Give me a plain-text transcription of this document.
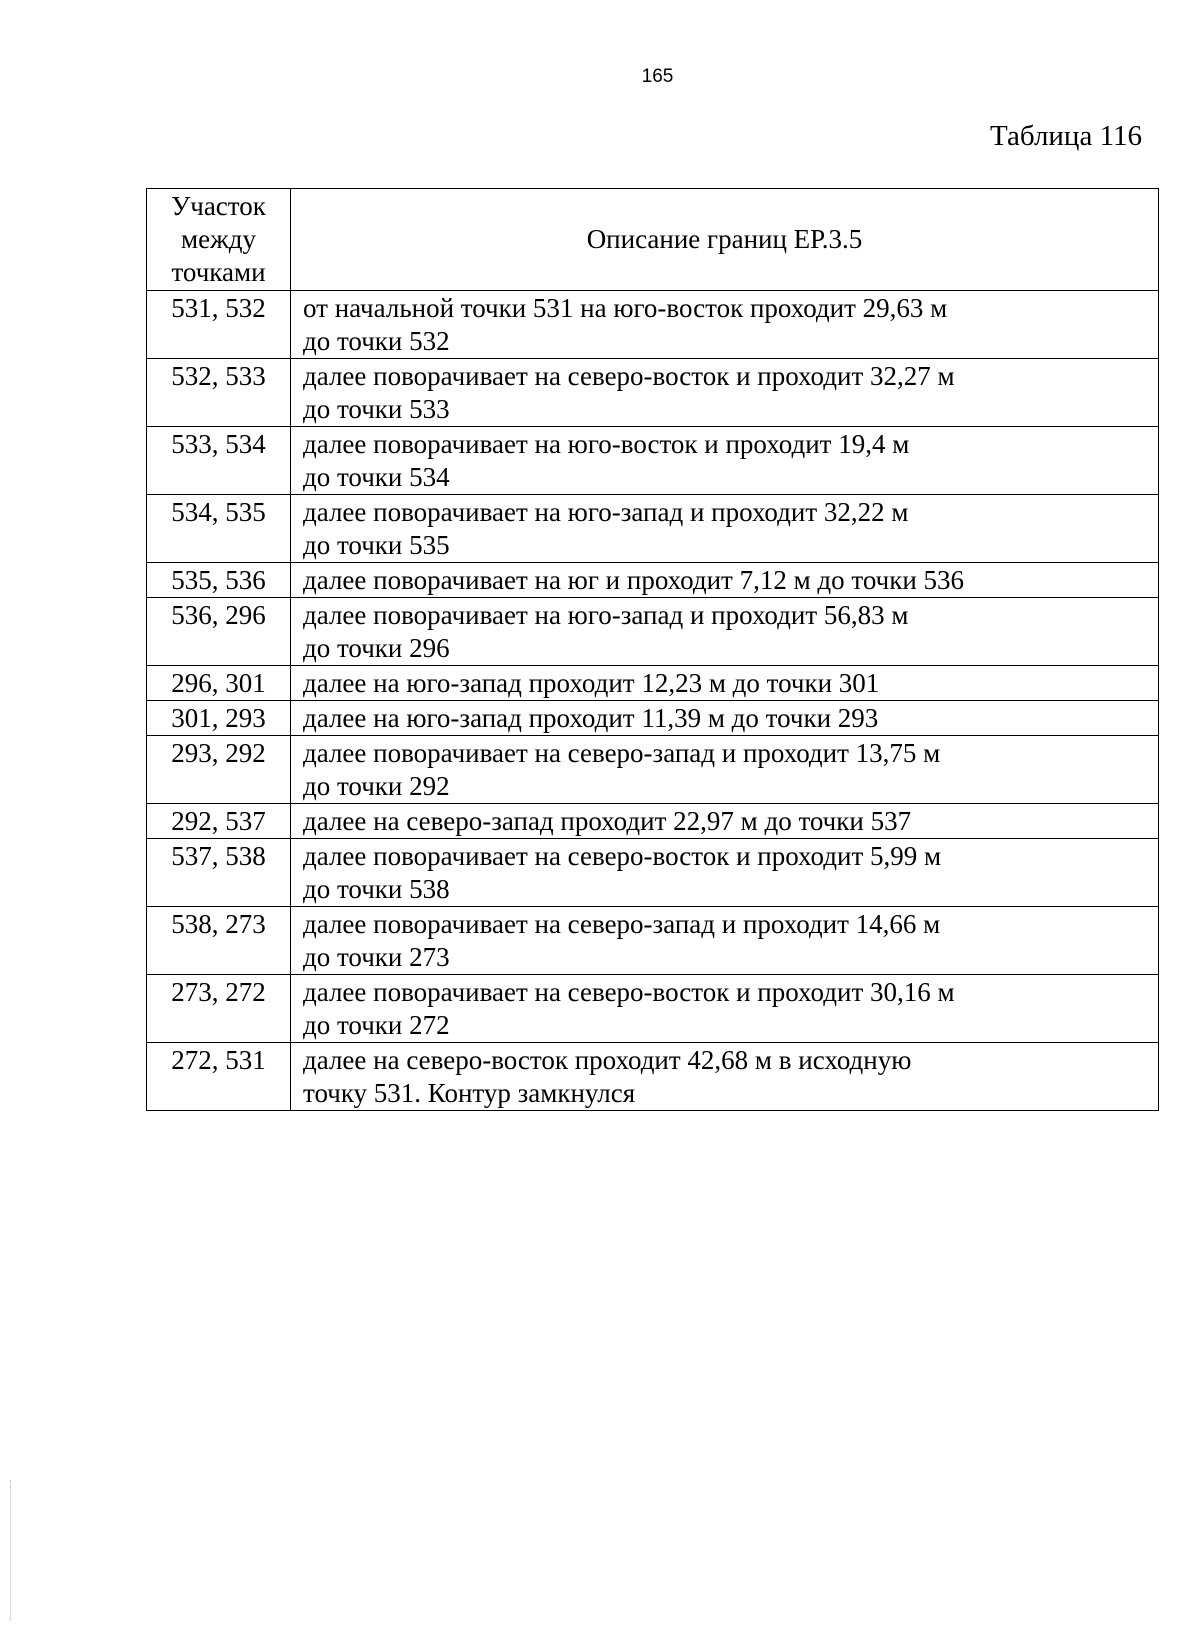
165
Таблица 116
Участок
между
точками	Описание границ ЕР.3.5
531, 532	от начальной точки 531 на юго-восток проходит 29,63 м
до точки 532

532, 533	далее поворачивает на северо-восток и проходит 32,27 м
до точки 533

533, 534	далее поворачивает на юго-восток и проходит 19,4 м
до точки 534

534, 535	далее поворачивает на юго-запад и проходит 32,22 м
до точки 535

535, 536	далее поворачивает на юг и проходит 7,12 м до точки 536

536, 296	далее поворачивает на юго-запад и проходит 56,83 м
до точки 296

296, 301	далее на юго-запад проходит 12,23 м до точки 301

301, 293	далее на юго-запад проходит 11,39 м до точки 293

293, 292	далее поворачивает на северо-запад и проходит 13,75 м
до точки 292

292, 537	далее на северо-запад проходит 22,97 м до точки 537

537, 538	далее поворачивает на северо-восток и проходит 5,99 м
до точки 538

538, 273	далее поворачивает на северо-запад и проходит 14,66 м
до точки 273

273, 272	далее поворачивает на северо-восток и проходит 30,16 м
до точки 272

272, 531	далее на северо-восток проходит 42,68 м в исходную
точку 531. Контур замкнулся
